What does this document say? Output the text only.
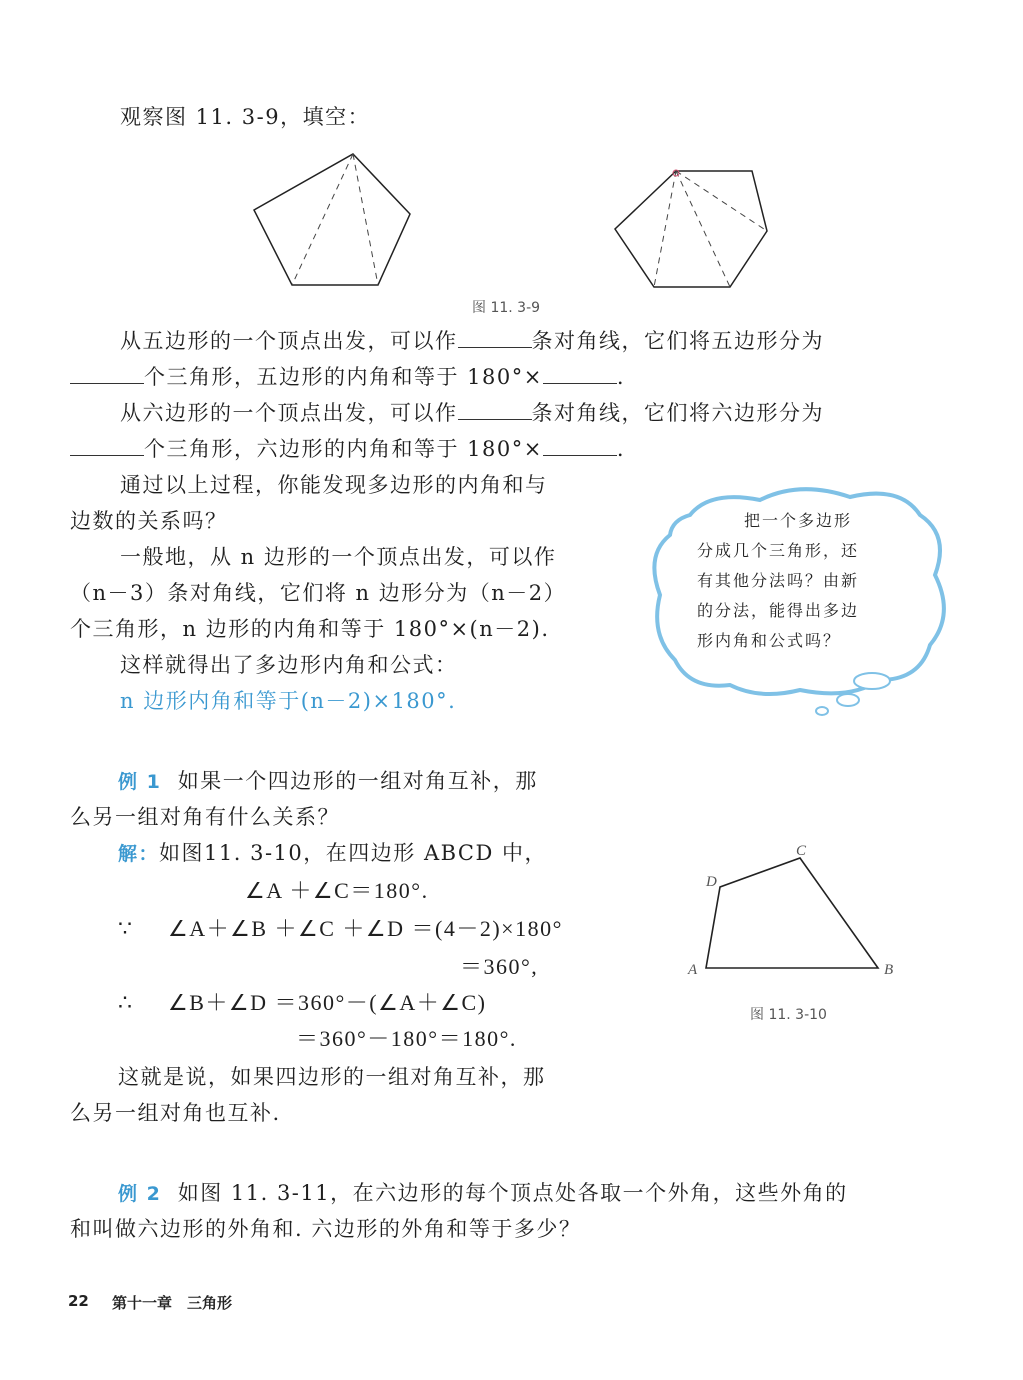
观察图 11. 3-9，填空：
图 11. 3-9
从五边形的一个顶点出发，可以作	条对角线，它们将五边形分为
个三角形，五边形的内角和等于 180°×	.
从六边形的一个顶点出发，可以作	条对角线，它们将六边形分为
个三角形，六边形的内角和等于 180°×	.
通过以上过程，你能发现多边形的内角和与
边数的关系吗？
一般地，从 n 边形的一个顶点出发，可以作
（n－3）条对角线，它们将 n 边形分为（n－2）
个三角形，n 边形的内角和等于 180°×(n－2).
这样就得出了多边形内角和公式：
n 边形内角和等于(n－2)×180°.
把一个多边形
分成几个三角形，还
有其他分法吗？由新
的分法，能得出多边
形内角和公式吗？
例 1 如果一个四边形的一组对角互补，那
么另一组对角有什么关系？
解：如图11. 3-10，在四边形 ABCD 中，
∠A ＋∠C＝180°.
∵ ∠A＋∠B ＋∠C ＋∠D ＝(4－2)×180°
＝360°,
∴ ∠B＋∠D ＝360°－(∠A＋∠C)
＝360°－180°＝180°.
这就是说，如果四边形的一组对角互补，那
么另一组对角也互补.
A	B
C
D
图 11. 3-10
例 2 如图 11. 3-11，在六边形的每个顶点处各取一个外角，这些外角的
和叫做六边形的外角和. 六边形的外角和等于多少？
22 第十一章　三角形
